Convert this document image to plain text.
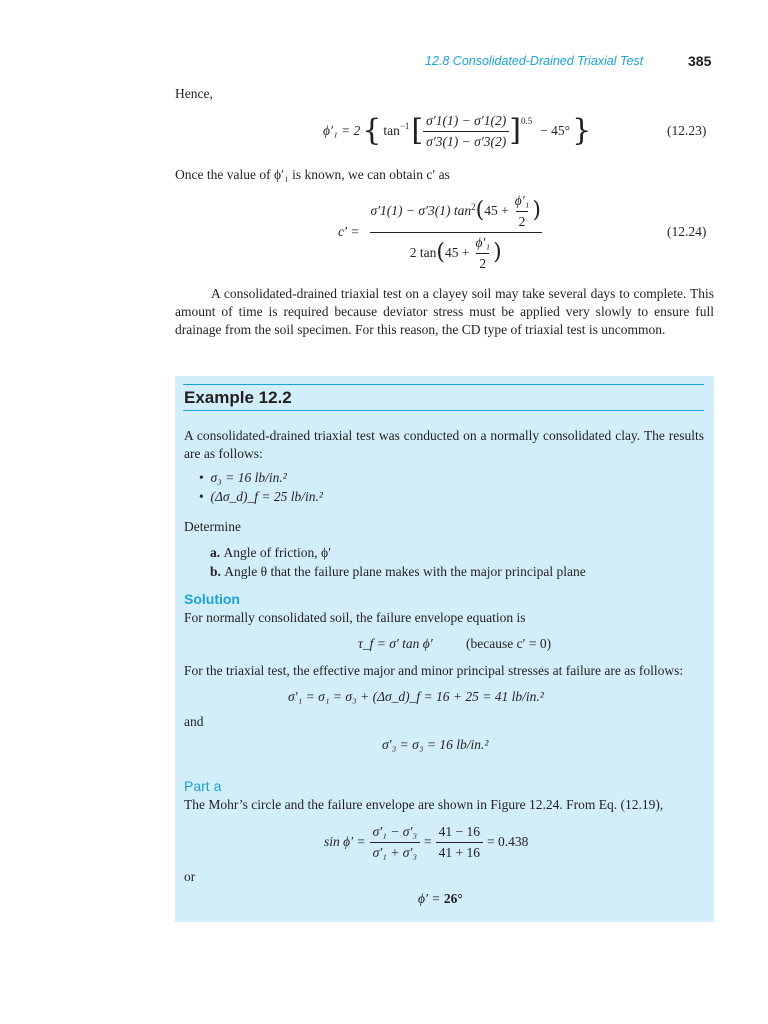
12.8 Consolidated-Drained Triaxial Test	385
Hence,
ϕ′₁ = 2 { $\tan^{-1}$ [ $\frac{\sigma'1(1) - \sigma'1(2)}{\sigma'3(1) - \sigma'3(2)} ]^{0.5}$
− 45° }	(12.23)
Once the value of ϕ′₁ is known, we can obtain c′ as
$c' = \frac{\sigma'1(1) - \sigma'3(1) \tan^2 ( 45 + \frac{\text{ϕ′₁}}{2} )}{2 \tan ( 45 + \frac{\text{ϕ′₁}}{2} )}$	(12.24)
A consolidated-drained triaxial test on a clayey soil may take several days to complete. This amount of time is required because deviator stress must be applied very slowly to ensure full drainage from the soil specimen. For this reason, the CD type of triaxial test is uncommon.
Example 12.2
A consolidated-drained triaxial test was conducted on a normally consolidated clay. The results are as follows:
• σ₃ = 16 lb/in.²
• (Δσ_d)_f = 25 lb/in.²
Determine
a. Angle of friction, ϕ′
b. Angle θ that the failure plane makes with the major principal plane
Solution
For normally consolidated soil, the failure envelope equation is
τ_f = σ′ tan ϕ′ (because c′ = 0)
For the triaxial test, the effective major and minor principal stresses at failure are as follows:
σ′₁ = σ₁ = σ₃ + (Δσ_d)_f = 16 + 25 = 41 lb/in.²
and
σ′₃ = σ₃ = 16 lb/in.²
Part a
The Mohr’s circle and the failure envelope are shown in Figure 12.24. From Eq. (12.19),
$\sin \phi' = \frac{\text{σ′₁ − σ′₃}}{\text{σ′₁ + σ′₃}} = \frac{41 - 16}{41 + 16} = 0.438$
or
ϕ′ = 26°
